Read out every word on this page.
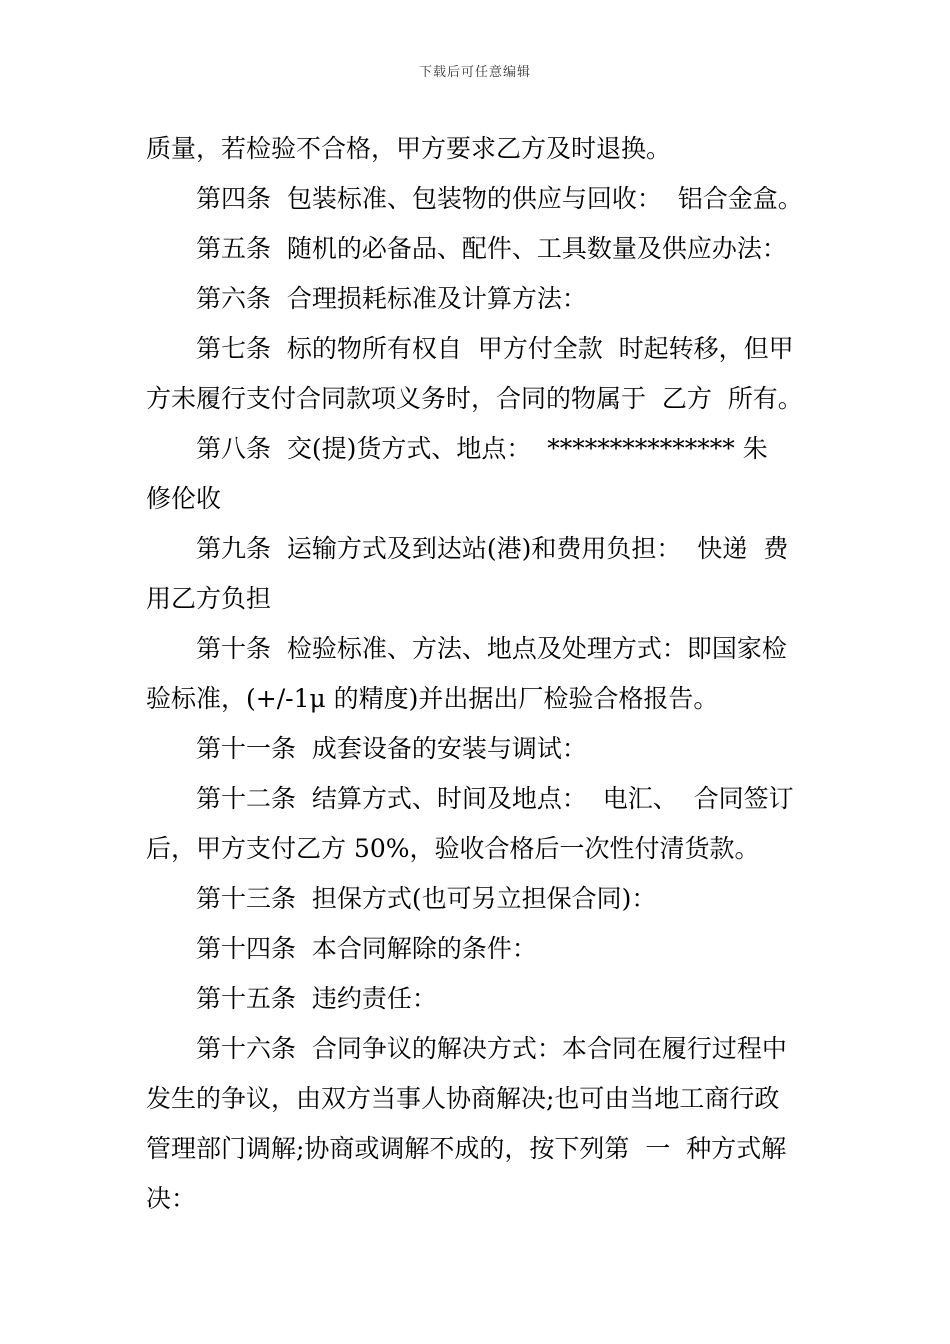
下载后可任意编辑
质量，若检验不合格，甲方要求乙方及时退换。
第四条  包装标准、包装物的供应与回收：  铝合金盒。
第五条  随机的必备品、配件、工具数量及供应办法：
第六条  合理损耗标准及计算方法：
第七条  标的物所有权自  甲方付全款  时起转移，但甲
方未履行支付合同款项义务时，合同的物属于  乙方  所有。
第八条  交(提)货方式、地点：  *************** 朱
修伦收
第九条  运输方式及到达站(港)和费用负担：  快递  费
用乙方负担
第十条  检验标准、方法、地点及处理方式：即国家检
验标准，(+/-1μ 的精度)并出据出厂检验合格报告。
第十一条  成套设备的安装与调试：
第十二条  结算方式、时间及地点：  电汇、  合同签订
后，甲方支付乙方 50%，验收合格后一次性付清货款。
第十三条  担保方式(也可另立担保合同)：
第十四条  本合同解除的条件：
第十五条  违约责任：
第十六条  合同争议的解决方式：本合同在履行过程中
发生的争议，由双方当事人协商解决;也可由当地工商行政
管理部门调解;协商或调解不成的，按下列第  一  种方式解
决：
